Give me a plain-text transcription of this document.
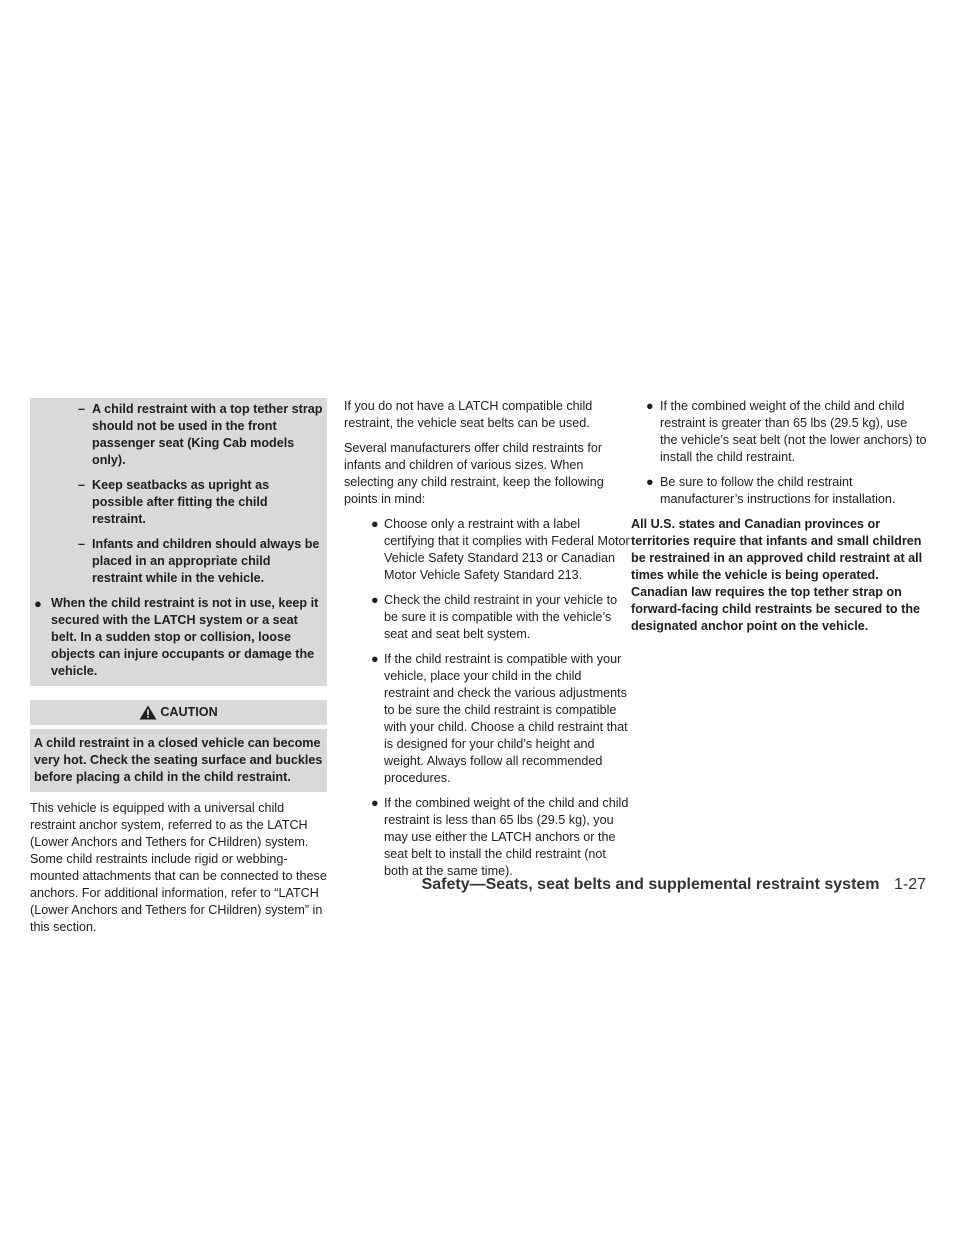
– A child restraint with a top tether strap should not be used in the front passenger seat (King Cab models only).
– Keep seatbacks as upright as possible after fitting the child restraint.
– Infants and children should always be placed in an appropriate child restraint while in the vehicle.
● When the child restraint is not in use, keep it secured with the LATCH system or a seat belt. In a sudden stop or collision, loose objects can injure occupants or damage the vehicle.
CAUTION
A child restraint in a closed vehicle can become very hot. Check the seating surface and buckles before placing a child in the child restraint.

This vehicle is equipped with a universal child restraint anchor system, referred to as the LATCH (Lower Anchors and Tethers for CHildren) system. Some child restraints include rigid or webbing-mounted attachments that can be connected to these anchors. For additional information, refer to “LATCH (Lower Anchors and Tethers for CHildren) system” in this section.

If you do not have a LATCH compatible child restraint, the vehicle seat belts can be used.

Several manufacturers offer child restraints for infants and children of various sizes. When selecting any child restraint, keep the following points in mind:

● Choose only a restraint with a label certifying that it complies with Federal Motor Vehicle Safety Standard 213 or Canadian Motor Vehicle Safety Standard 213.
● Check the child restraint in your vehicle to be sure it is compatible with the vehicle’s seat and seat belt system.
● If the child restraint is compatible with your vehicle, place your child in the child restraint and check the various adjustments to be sure the child restraint is compatible with your child. Choose a child restraint that is designed for your child’s height and weight. Always follow all recommended procedures.
● If the combined weight of the child and child restraint is less than 65 lbs (29.5 kg), you may use either the LATCH anchors or the seat belt to install the child restraint (not both at the same time).
● If the combined weight of the child and child restraint is greater than 65 lbs (29.5 kg), use the vehicle’s seat belt (not the lower anchors) to install the child restraint.
● Be sure to follow the child restraint manufacturer’s instructions for installation.

All U.S. states and Canadian provinces or territories require that infants and small children be restrained in an approved child restraint at all times while the vehicle is being operated. Canadian law requires the top tether strap on forward-facing child restraints be secured to the designated anchor point on the vehicle.

Safety—Seats, seat belts and supplemental restraint system 1-27
